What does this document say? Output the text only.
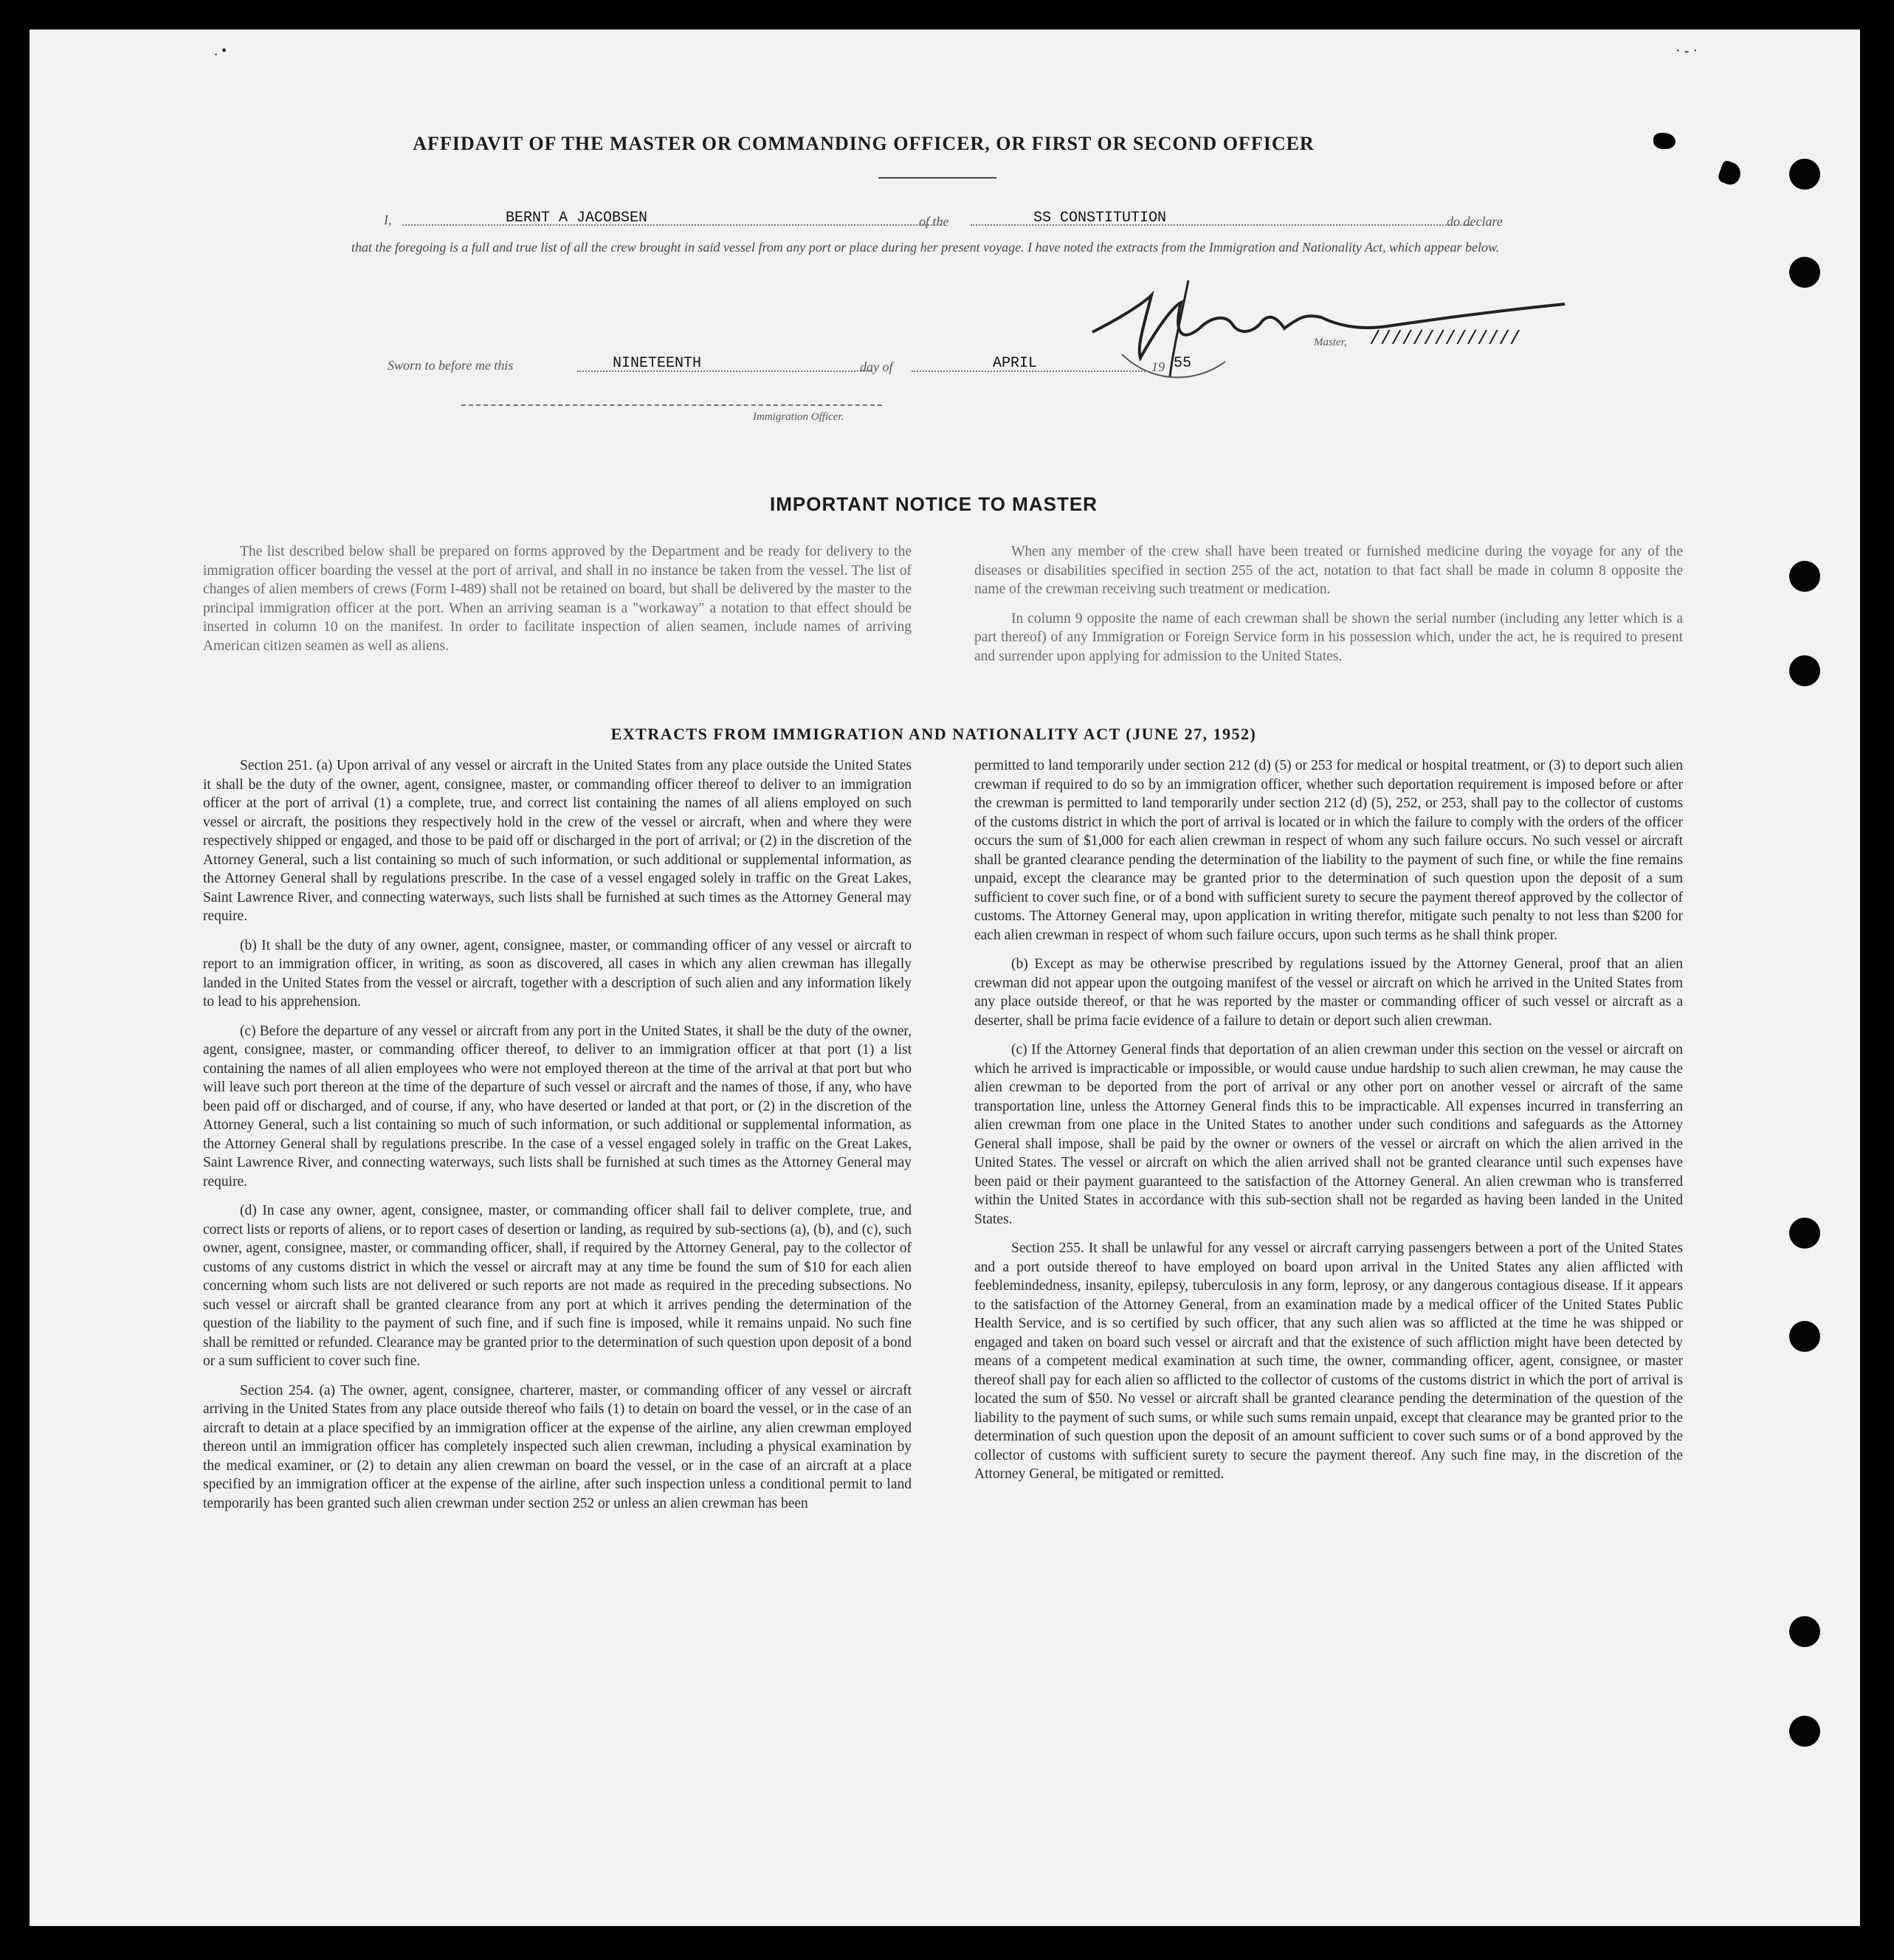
. •	· - ·
AFFIDAVIT OF THE MASTER OR COMMANDING OFFICER, OR FIRST OR SECOND OFFICER
I,	BERNT A JACOBSEN	of the	SS CONSTITUTION	do declare
that the foregoing is a full and true list of all the crew brought in said vessel from any port or place during her present voyage. I have noted the extracts from the Immigration and Nationality Act, which appear below.
Master, //////////////
Sworn to before me this	NINETEENTH	day of	APRIL	19 55
Immigration Officer.
IMPORTANT NOTICE TO MASTER

The list described below shall be prepared on forms approved by the Department and be ready for delivery to the immigration officer boarding the vessel at the port of arrival, and shall in no instance be taken from the vessel. The list of changes of alien members of crews (Form I-489) shall not be retained on board, but shall be delivered by the master to the principal immigration officer at the port. When an arriving seaman is a "workaway" a notation to that effect should be inserted in column 10 on the manifest. In order to facilitate inspection of alien seamen, include names of arriving American citizen seamen as well as aliens.

When any member of the crew shall have been treated or furnished medicine during the voyage for any of the diseases or disabilities specified in section 255 of the act, notation to that fact shall be made in column 8 opposite the name of the crewman receiving such treatment or medication.

In column 9 opposite the name of each crewman shall be shown the serial number (including any letter which is a part thereof) of any Immigration or Foreign Service form in his possession which, under the act, he is required to present and surrender upon applying for admission to the United States.

EXTRACTS FROM IMMIGRATION AND NATIONALITY ACT (JUNE 27, 1952)

Section 251. (a) Upon arrival of any vessel or aircraft in the United States from any place outside the United States it shall be the duty of the owner, agent, consignee, master, or commanding officer thereof to deliver to an immigration officer at the port of arrival (1) a complete, true, and correct list containing the names of all aliens employed on such vessel or aircraft, the positions they respectively hold in the crew of the vessel or aircraft, when and where they were respectively shipped or engaged, and those to be paid off or discharged in the port of arrival; or (2) in the discretion of the Attorney General, such a list containing so much of such information, or such additional or supplemental information, as the Attorney General shall by regulations prescribe. In the case of a vessel engaged solely in traffic on the Great Lakes, Saint Lawrence River, and connecting waterways, such lists shall be furnished at such times as the Attorney General may require.

(b) It shall be the duty of any owner, agent, consignee, master, or commanding officer of any vessel or aircraft to report to an immigration officer, in writing, as soon as discovered, all cases in which any alien crewman has illegally landed in the United States from the vessel or aircraft, together with a description of such alien and any information likely to lead to his apprehension.

(c) Before the departure of any vessel or aircraft from any port in the United States, it shall be the duty of the owner, agent, consignee, master, or commanding officer thereof, to deliver to an immigration officer at that port (1) a list containing the names of all alien employees who were not employed thereon at the time of the arrival at that port but who will leave such port thereon at the time of the departure of such vessel or aircraft and the names of those, if any, who have been paid off or discharged, and of course, if any, who have deserted or landed at that port, or (2) in the discretion of the Attorney General, such a list containing so much of such information, or such additional or supplemental information, as the Attorney General shall by regulations prescribe. In the case of a vessel engaged solely in traffic on the Great Lakes, Saint Lawrence River, and connecting waterways, such lists shall be furnished at such times as the Attorney General may require.

(d) In case any owner, agent, consignee, master, or commanding officer shall fail to deliver complete, true, and correct lists or reports of aliens, or to report cases of desertion or landing, as required by sub-sections (a), (b), and (c), such owner, agent, consignee, master, or commanding officer, shall, if required by the Attorney General, pay to the collector of customs of any customs district in which the vessel or aircraft may at any time be found the sum of $10 for each alien concerning whom such lists are not delivered or such reports are not made as required in the preceding subsections. No such vessel or aircraft shall be granted clearance from any port at which it arrives pending the determination of the question of the liability to the payment of such fine, and if such fine is imposed, while it remains unpaid. No such fine shall be remitted or refunded. Clearance may be granted prior to the determination of such question upon deposit of a bond or a sum sufficient to cover such fine.

Section 254. (a) The owner, agent, consignee, charterer, master, or commanding officer of any vessel or aircraft arriving in the United States from any place outside thereof who fails (1) to detain on board the vessel, or in the case of an aircraft to detain at a place specified by an immigration officer at the expense of the airline, any alien crewman employed thereon until an immigration officer has completely inspected such alien crewman, including a physical examination by the medical examiner, or (2) to detain any alien crewman on board the vessel, or in the case of an aircraft at a place specified by an immigration officer at the expense of the airline, after such inspection unless a conditional permit to land temporarily has been granted such alien crewman under section 252 or unless an alien crewman has been

permitted to land temporarily under section 212 (d) (5) or 253 for medical or hospital treatment, or (3) to deport such alien crewman if required to do so by an immigration officer, whether such deportation requirement is imposed before or after the crewman is permitted to land temporarily under section 212 (d) (5), 252, or 253, shall pay to the collector of customs of the customs district in which the port of arrival is located or in which the failure to comply with the orders of the officer occurs the sum of $1,000 for each alien crewman in respect of whom any such failure occurs. No such vessel or aircraft shall be granted clearance pending the determination of the liability to the payment of such fine, or while the fine remains unpaid, except the clearance may be granted prior to the determination of such question upon the deposit of a sum sufficient to cover such fine, or of a bond with sufficient surety to secure the payment thereof approved by the collector of customs. The Attorney General may, upon application in writing therefor, mitigate such penalty to not less than $200 for each alien crewman in respect of whom such failure occurs, upon such terms as he shall think proper.

(b) Except as may be otherwise prescribed by regulations issued by the Attorney General, proof that an alien crewman did not appear upon the outgoing manifest of the vessel or aircraft on which he arrived in the United States from any place outside thereof, or that he was reported by the master or commanding officer of such vessel or aircraft as a deserter, shall be prima facie evidence of a failure to detain or deport such alien crewman.

(c) If the Attorney General finds that deportation of an alien crewman under this section on the vessel or aircraft on which he arrived is impracticable or impossible, or would cause undue hardship to such alien crewman, he may cause the alien crewman to be deported from the port of arrival or any other port on another vessel or aircraft of the same transportation line, unless the Attorney General finds this to be impracticable. All expenses incurred in transferring an alien crewman from one place in the United States to another under such conditions and safeguards as the Attorney General shall impose, shall be paid by the owner or owners of the vessel or aircraft on which the alien arrived in the United States. The vessel or aircraft on which the alien arrived shall not be granted clearance until such expenses have been paid or their payment guaranteed to the satisfaction of the Attorney General. An alien crewman who is transferred within the United States in accordance with this sub-section shall not be regarded as having been landed in the United States.

Section 255. It shall be unlawful for any vessel or aircraft carrying passengers between a port of the United States and a port outside thereof to have employed on board upon arrival in the United States any alien afflicted with feeblemindedness, insanity, epilepsy, tuberculosis in any form, leprosy, or any dangerous contagious disease. If it appears to the satisfaction of the Attorney General, from an examination made by a medical officer of the United States Public Health Service, and is so certified by such officer, that any such alien was so afflicted at the time he was shipped or engaged and taken on board such vessel or aircraft and that the existence of such affliction might have been detected by means of a competent medical examination at such time, the owner, commanding officer, agent, consignee, or master thereof shall pay for each alien so afflicted to the collector of customs of the customs district in which the port of arrival is located the sum of $50. No vessel or aircraft shall be granted clearance pending the determination of the question of the liability to the payment of such sums, or while such sums remain unpaid, except that clearance may be granted prior to the determination of such question upon the deposit of an amount sufficient to cover such sums or of a bond approved by the collector of customs with sufficient surety to secure the payment thereof. Any such fine may, in the discretion of the Attorney General, be mitigated or remitted.
